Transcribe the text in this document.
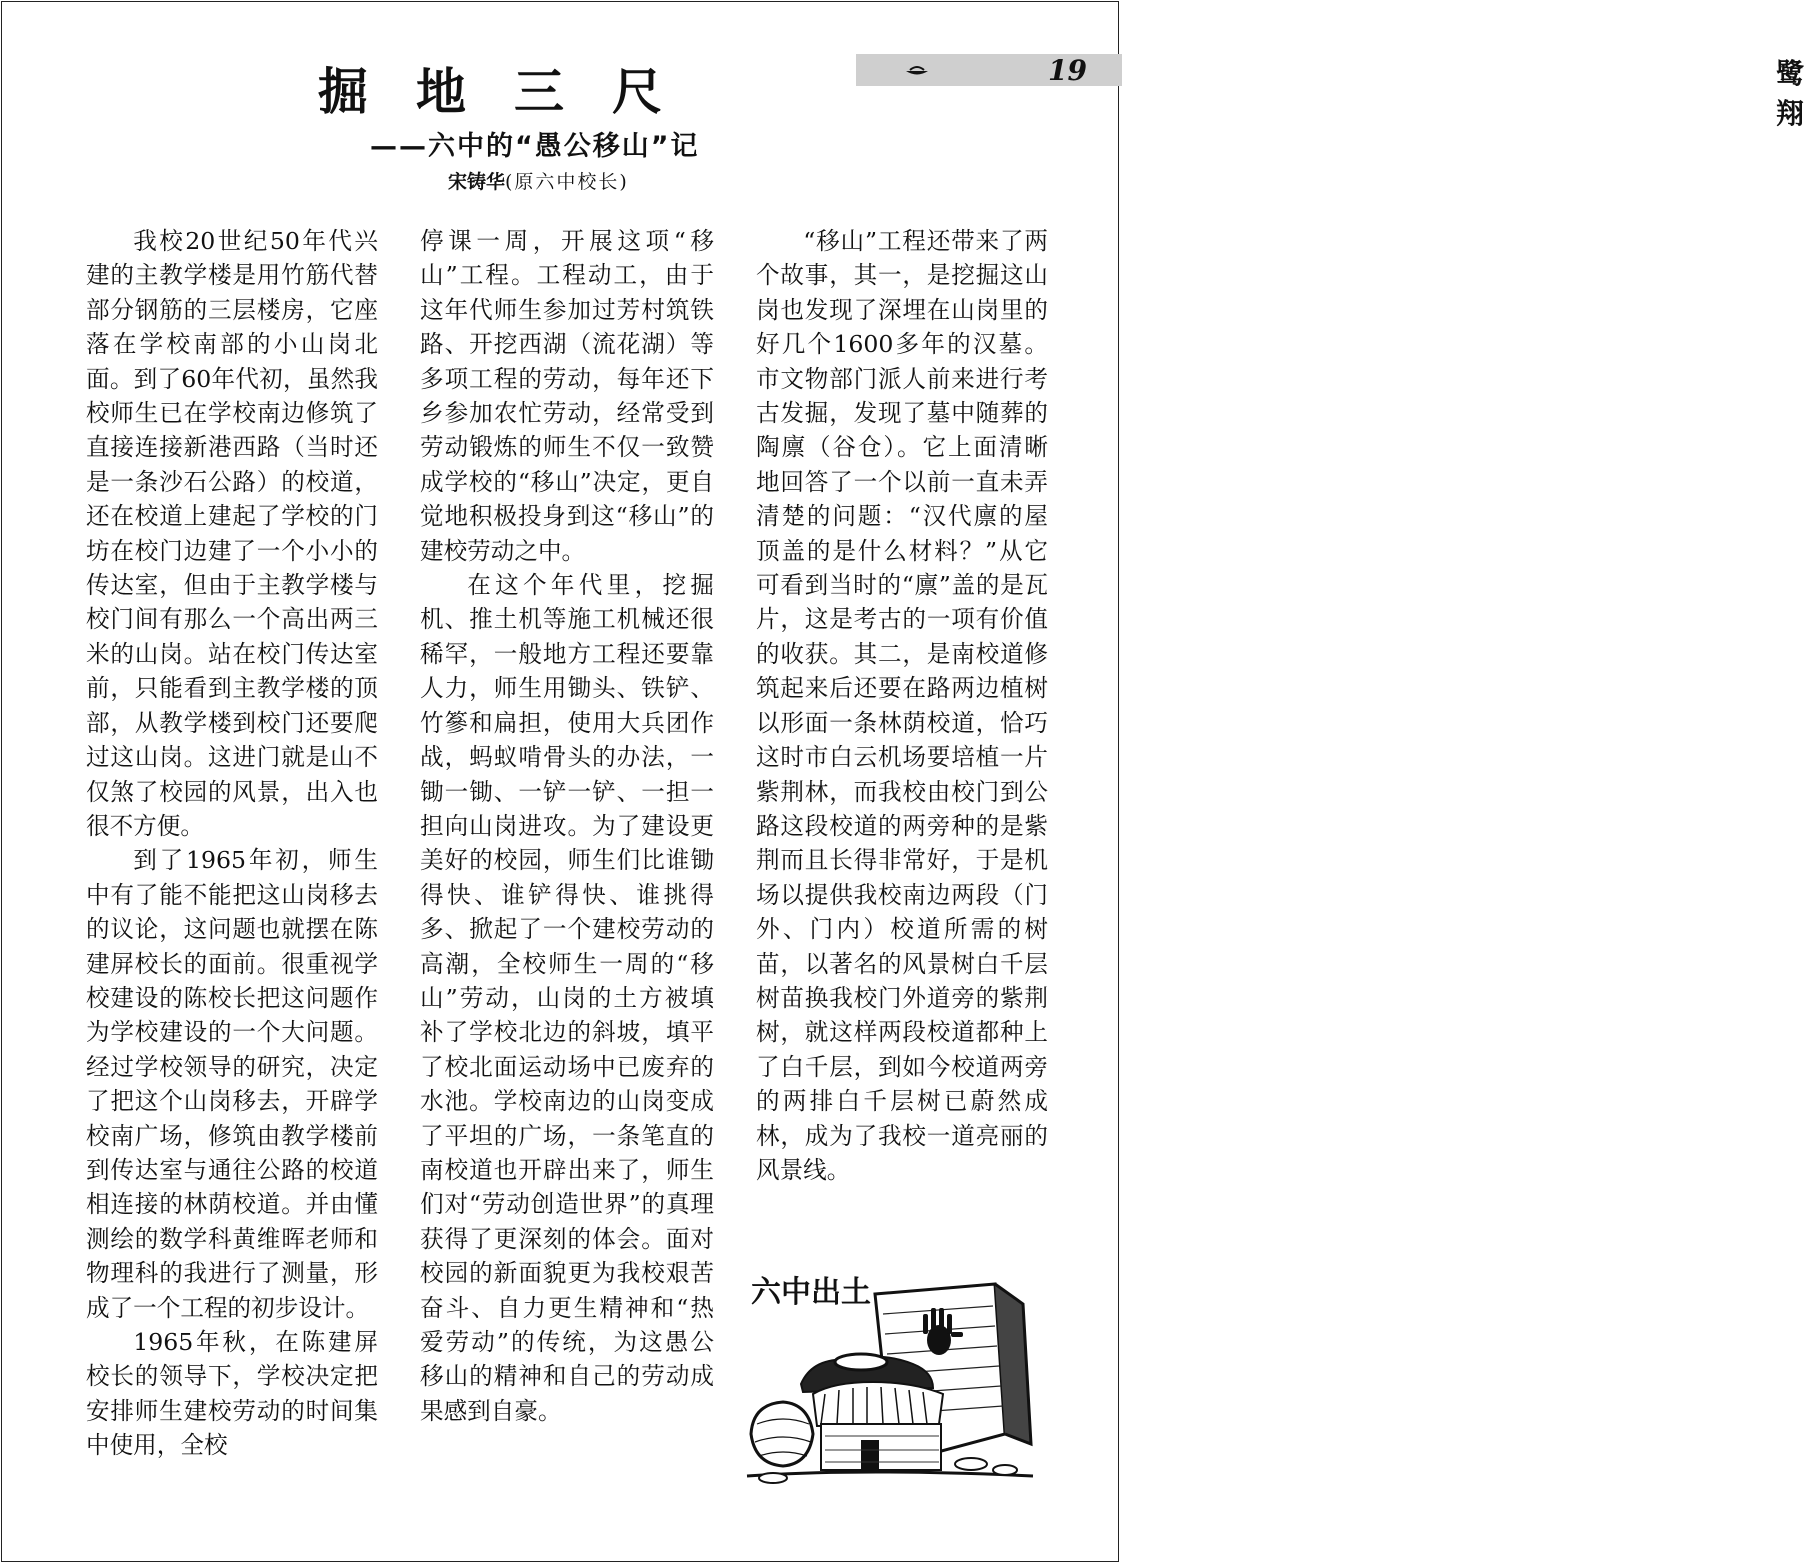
鹭翔
19
掘地三尺
——六中的“愚公移山”记
宋铸华(原六中校长)

我校20世纪50年代兴建的主教学楼是用竹筋代替部分钢筋的三层楼房，它座落在学校南部的小山岗北面。到了60年代初，虽然我校师生已在学校南边修筑了直接连接新港西路（当时还是一条沙石公路）的校道，还在校道上建起了学校的门坊在校门边建了一个小小的传达室，但由于主教学楼与校门间有那么一个高出两三米的山岗。站在校门传达室前，只能看到主教学楼的顶部，从教学楼到校门还要爬过这山岗。这进门就是山不仅煞了校园的风景，出入也很不方便。

到了1965年初，师生中有了能不能把这山岗移去的议论，这问题也就摆在陈建屏校长的面前。很重视学校建设的陈校长把这问题作为学校建设的一个大问题。经过学校领导的研究，决定了把这个山岗移去，开辟学校南广场，修筑由教学楼前到传达室与通往公路的校道相连接的林荫校道。并由懂测绘的数学科黄维晖老师和物理科的我进行了测量，形成了一个工程的初步设计。

1965年秋，在陈建屏校长的领导下，学校决定把安排师生建校劳动的时间集中使用，全校

停课一周，开展这项“移山”工程。工程动工，由于这年代师生参加过芳村筑铁路、开挖西湖（流花湖）等多项工程的劳动，每年还下乡参加农忙劳动，经常受到劳动锻炼的师生不仅一致赞成学校的“移山”决定，更自觉地积极投身到这“移山”的建校劳动之中。

在这个年代里，挖掘机、推土机等施工机械还很稀罕，一般地方工程还要靠人力，师生用锄头、铁铲、竹篸和扁担，使用大兵团作战，蚂蚁啃骨头的办法，一锄一锄、一铲一铲、一担一担向山岗进攻。为了建设更美好的校园，师生们比谁锄得快、谁铲得快、谁挑得多、掀起了一个建校劳动的高潮，全校师生一周的“移山”劳动，山岗的土方被填补了学校北边的斜坡，填平了校北面运动场中已废弃的水池。学校南边的山岗变成了平坦的广场，一条笔直的南校道也开辟出来了，师生们对“劳动创造世界”的真理获得了更深刻的体会。面对校园的新面貌更为我校艰苦奋斗、自力更生精神和“热爱劳动”的传统，为这愚公移山的精神和自己的劳动成果感到自豪。

“移山”工程还带来了两个故事，其一，是挖掘这山岗也发现了深埋在山岗里的好几个1600多年的汉墓。市文物部门派人前来进行考古发掘，发现了墓中随葬的陶廪（谷仓）。它上面清晰地回答了一个以前一直未弄清楚的问题：“汉代廪的屋顶盖的是什么材料？”从它可看到当时的“廪”盖的是瓦片，这是考古的一项有价值的收获。其二，是南校道修筑起来后还要在路两边植树以形面一条林荫校道，恰巧这时市白云机场要培植一片紫荆林，而我校由校门到公路这段校道的两旁种的是紫荆而且长得非常好，于是机场以提供我校南边两段（门外、门内）校道所需的树苗，以著名的风景树白千层树苗换我校门外道旁的紫荆树，就这样两段校道都种上了白千层，到如今校道两旁的两排白千层树已蔚然成林，成为了我校一道亮丽的风景线。

六中出土
